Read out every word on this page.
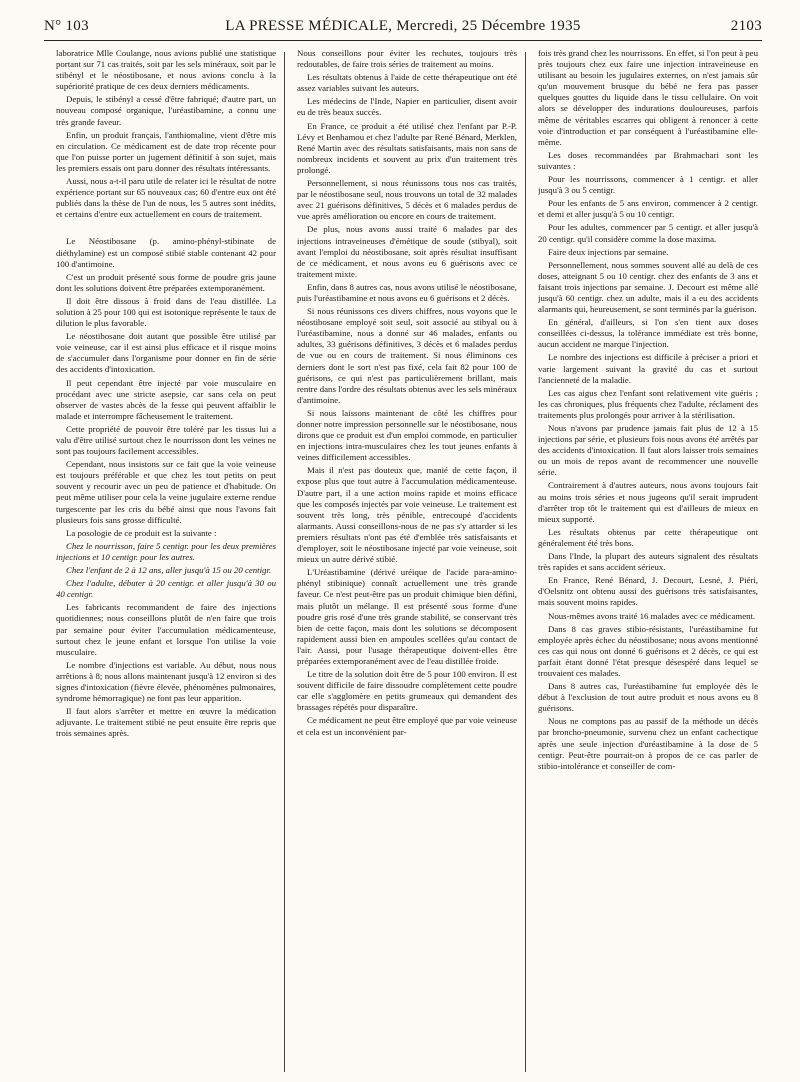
N° 103	LA PRESSE MÉDICALE, Mercredi, 25 Décembre 1935	2103

laboratrice Mlle Coulange, nous avions publié une statistique portant sur 71 cas traités, soit par les sels minéraux, soit par le stibényl et le néostibosane, et nous avions conclu à la supériorité pratique de ces deux derniers médicaments.

Depuis, le stibényl a cessé d'être fabriqué; d'autre part, un nouveau composé organique, l'uréastibamine, a connu une très grande faveur.

Enfin, un produit français, l'anthiomaline, vient d'être mis en circulation. Ce médicament est de date trop récente pour que l'on puisse porter un jugement définitif à son sujet, mais les premiers essais ont paru donner des résultats intéressants.

Aussi, nous a-t-il paru utile de relater ici le résultat de notre expérience portant sur 65 nouveaux cas; 60 d'entre eux ont été publiés dans la thèse de l'un de nous, les 5 autres sont inédits, et certains d'entre eux actuellement en cours de traitement.

Le Néostibosane (p. amino-phényl-stibinate de diéthylamine) est un composé stibié stable contenant 42 pour 100 d'antimoine.

C'est un produit présenté sous forme de poudre gris jaune dont les solutions doivent être préparées extemporanément.

Il doit être dissous à froid dans de l'eau distillée. La solution à 25 pour 100 qui est isotonique représente le taux de dilution le plus favorable.

Le néostibosane doit autant que possible être utilisé par voie veineuse, car il est ainsi plus efficace et il risque moins de s'accumuler dans l'organisme pour donner en fin de série des accidents d'intoxication.

Il peut cependant être injecté par voie musculaire en procédant avec une stricte asepsie, car sans cela on peut observer de vastes abcès de la fesse qui peuvent affaiblir le malade et interrompre fâcheusement le traitement.

Cette propriété de pouvoir être toléré par les tissus lui a valu d'être utilisé surtout chez le nourrisson dont les veines ne sont pas toujours facilement accessibles.

Cependant, nous insistons sur ce fait que la voie veineuse est toujours préférable et que chez les tout petits on peut souvent y recourir avec un peu de patience et d'habitude. On peut même utiliser pour cela la veine jugulaire externe rendue turgescente par les cris du bébé ainsi que nous l'avons fait plusieurs fois sans grosse difficulté.

La posologie de ce produit est la suivante :

Chez le nourrisson, faire 5 centigr. pour les deux premières injections et 10 centigr. pour les autres.

Chez l'enfant de 2 à 12 ans, aller jusqu'à 15 ou 20 centigr.

Chez l'adulte, débuter à 20 centigr. et aller jusqu'à 30 ou 40 centigr.

Les fabricants recommandent de faire des injections quotidiennes; nous conseillons plutôt de n'en faire que trois par semaine pour éviter l'accumulation médicamenteuse, surtout chez le jeune enfant et lorsque l'on utilise la voie musculaire.

Le nombre d'injections est variable. Au début, nous nous arrêtions à 8; nous allons maintenant jusqu'à 12 environ si des signes d'intoxication (fièvre élevée, phénomènes pulmonaires, syndrome hémorragique) ne font pas leur apparition.

Il faut alors s'arrêter et mettre en œuvre la médication adjuvante. Le traitement stibié ne peut ensuite être repris que trois semaines après.

Nous conseillons pour éviter les rechutes, toujours très redoutables, de faire trois séries de traitement au moins.

Les résultats obtenus à l'aide de cette thérapeutique ont été assez variables suivant les auteurs.

Les médecins de l'Inde, Napier en particulier, disent avoir eu de très beaux succès.

En France, ce produit a été utilisé chez l'enfant par P.-P. Lévy et Benhamou et chez l'adulte par René Bénard, Merklen, René Martin avec des résultats satisfaisants, mais non sans de nombreux incidents et souvent au prix d'un traitement très prolongé.

Personnellement, si nous réunissons tous nos cas traités, par le néostibosane seul, nous trouvons un total de 32 malades avec 21 guérisons définitives, 5 décès et 6 malades perdus de vue après amélioration ou encore en cours de traitement.

De plus, nous avons aussi traité 6 malades par des injections intraveineuses d'émétique de soude (stibyal), soit avant l'emploi du néostibosane, soit après résultat insuffisant de ce médicament, et nous avons eu 6 guérisons avec ce traitement mixte.

Enfin, dans 8 autres cas, nous avons utilisé le néostibosane, puis l'uréastibamine et nous avons eu 6 guérisons et 2 décès.

Si nous réunissons ces divers chiffres, nous voyons que le néostibosane employé soit seul, soit associé au stibyal ou à l'uréastibamine, nous a donné sur 46 malades, enfants ou adultes, 33 guérisons définitives, 3 décès et 6 malades perdus de vue ou en cours de traitement. Si nous éliminons ces derniers dont le sort n'est pas fixé, cela fait 82 pour 100 de guérisons, ce qui n'est pas particulièrement brillant, mais rentre dans l'ordre des résultats obtenus avec les sels minéraux d'antimoine.

Si nous laissons maintenant de côté les chiffres pour donner notre impression personnelle sur le néostibosane, nous dirons que ce produit est d'un emploi commode, en particulier en injections intra-musculaires chez les tout jeunes enfants à veines difficilement accessibles.

Mais il n'est pas douteux que, manié de cette façon, il expose plus que tout autre à l'accumulation médicamenteuse. D'autre part, il a une action moins rapide et moins efficace que les composés injectés par voie veineuse. Le traitement est souvent très long, très pénible, entrecoupé d'accidents alarmants. Aussi conseillons-nous de ne pas s'y attarder si les premiers résultats n'ont pas été d'emblée très satisfaisants et d'employer, soit le néostibosane injecté par voie veineuse, soit mieux un autre dérivé stibié.

L'Uréastibamine (dérivé uréique de l'acide para-amino-phényl stibinique) connaît actuellement une très grande faveur. Ce n'est peut-être pas un produit chimique bien défini, mais plutôt un mélange. Il est présenté sous forme d'une poudre gris rosé d'une très grande stabilité, se conservant très bien de cette façon, mais dont les solutions se décomposent rapidement aussi bien en ampoules scellées qu'au contact de l'air. Aussi, pour l'usage thérapeutique doivent-elles être préparées extemporanément avec de l'eau distillée froide.

Le titre de la solution doit être de 5 pour 100 environ. Il est souvent difficile de faire dissoudre complètement cette poudre car elle s'agglomère en petits grumeaux qui demandent des brassages répétés pour disparaître.

Ce médicament ne peut être employé que par voie veineuse et cela est un inconvénient par-

fois très grand chez les nourrissons. En effet, si l'on peut à peu près toujours chez eux faire une injection intraveineuse en utilisant au besoin les jugulaires externes, on n'est jamais sûr qu'un mouvement brusque du bébé ne fera pas passer quelques gouttes du liquide dans le tissu cellulaire. On voit alors se développer des indurations douloureuses, parfois même de véritables escarres qui obligent à renoncer à cette voie d'introduction et par conséquent à l'uréastibamine elle-même.

Les doses recommandées par Brahmachari sont les suivantes :

Pour les nourrissons, commencer à 1 centigr. et aller jusqu'à 3 ou 5 centigr.

Pour les enfants de 5 ans environ, commencer à 2 centigr. et demi et aller jusqu'à 5 ou 10 centigr.

Pour les adultes, commencer par 5 centigr. et aller jusqu'à 20 centigr. qu'il considère comme la dose maxima.

Faire deux injections par semaine.

Personnellement, nous sommes souvent allé au delà de ces doses, atteignant 5 ou 10 centigr. chez des enfants de 3 ans et faisant trois injections par semaine. J. Decourt est même allé jusqu'à 60 centigr. chez un adulte, mais il a eu des accidents alarmants qui, heureusement, se sont terminés par la guérison.

En général, d'ailleurs, si l'on s'en tient aux doses conseillées ci-dessus, la tolérance immédiate est très bonne, aucun accident ne marque l'injection.

Le nombre des injections est difficile à préciser a priori et varie largement suivant la gravité du cas et surtout l'ancienneté de la maladie.

Les cas aigus chez l'enfant sont relativement vite guéris ; les cas chroniques, plus fréquents chez l'adulte, réclament des traitements plus prolongés pour arriver à la stérilisation.

Nous n'avons par prudence jamais fait plus de 12 à 15 injections par série, et plusieurs fois nous avons été arrêtés par des accidents d'intoxication. Il faut alors laisser trois semaines ou un mois de repos avant de recommencer une nouvelle série.

Contrairement à d'autres auteurs, nous avons toujours fait au moins trois séries et nous jugeons qu'il serait imprudent d'arrêter trop tôt le traitement qui est d'ailleurs de mieux en mieux supporté.

Les résultats obtenus par cette thérapeutique ont généralement été très bons.

Dans l'Inde, la plupart des auteurs signalent des résultats très rapides et sans accident sérieux.

En France, René Bénard, J. Decourt, Lesné, J. Piéri, d'Oelsnitz ont obtenu aussi des guérisons très satisfaisantes, mais souvent moins rapides.

Nous-mêmes avons traité 16 malades avec ce médicament.

Dans 8 cas graves stibio-résistants, l'uréastibamine fut employée après échec du néostibosane; nous avons mentionné ces cas qui nous ont donné 6 guérisons et 2 décès, ce qui est parfait étant donné l'état presque désespéré dans lequel se trouvaient ces malades.

Dans 8 autres cas, l'uréastibamine fut employée dès le début à l'exclusion de tout autre produit et nous avons eu 8 guérisons.

Nous ne comptons pas au passif de la méthode un décès par broncho-pneumonie, survenu chez un enfant cachectique après une seule injection d'uréastibamine à la dose de 5 centigr. Peut-être pourrait-on à propos de ce cas parler de stibio-intolérance et conseiller de com-
